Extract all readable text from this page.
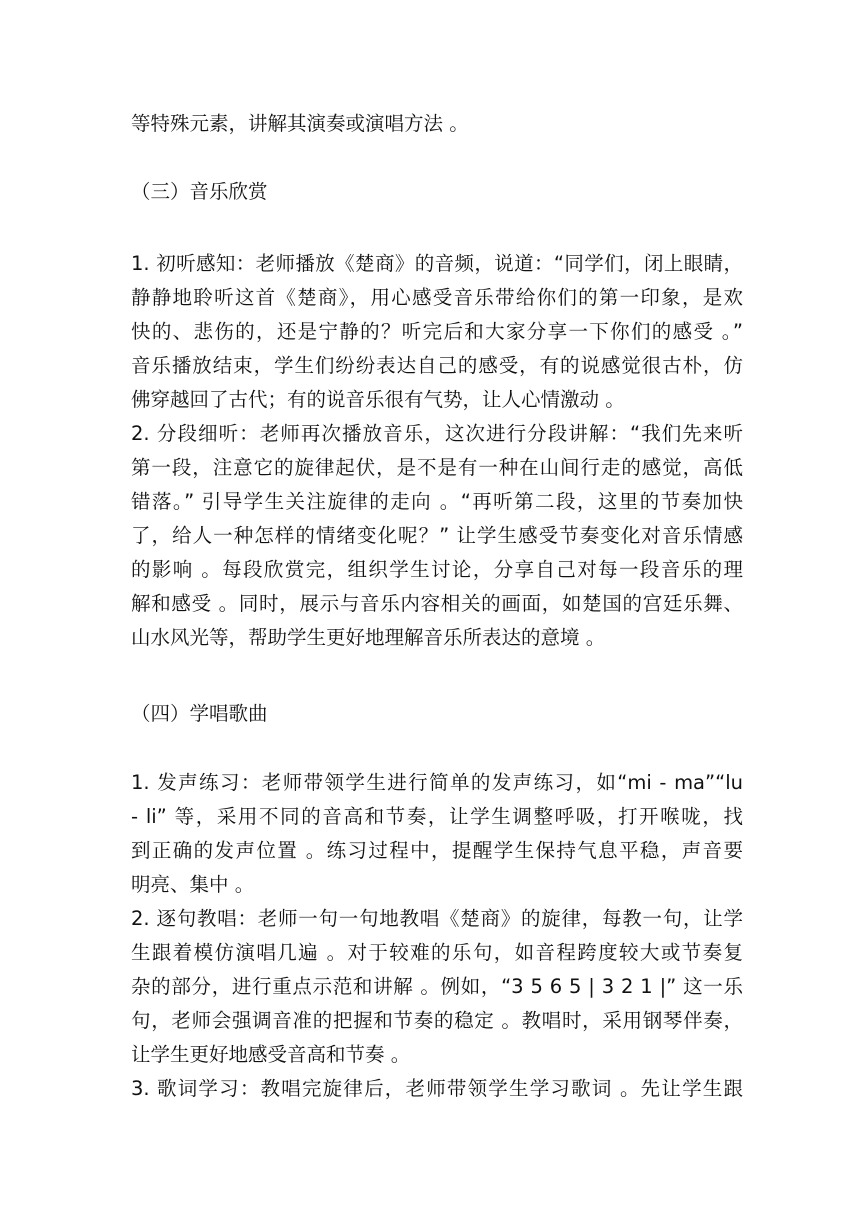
等特殊元素，讲解其演奏或演唱方法 。
（三）音乐欣赏
1. 初听感知：老师播放《楚商》的音频，说道：“同学们，闭上眼睛，
静静地聆听这首《楚商》，用心感受音乐带给你们的第一印象，是欢
快的、悲伤的，还是宁静的？听完后和大家分享一下你们的感受 。”
音乐播放结束，学生们纷纷表达自己的感受，有的说感觉很古朴，仿
佛穿越回了古代；有的说音乐很有气势，让人心情激动 。
2. 分段细听：老师再次播放音乐，这次进行分段讲解：“我们先来听
第一段，注意它的旋律起伏，是不是有一种在山间行走的感觉，高低
错落。” 引导学生关注旋律的走向 。“再听第二段，这里的节奏加快
了，给人一种怎样的情绪变化呢？” 让学生感受节奏变化对音乐情感
的影响 。每段欣赏完，组织学生讨论，分享自己对每一段音乐的理
解和感受 。同时，展示与音乐内容相关的画面，如楚国的宫廷乐舞、
山水风光等，帮助学生更好地理解音乐所表达的意境 。
（四）学唱歌曲
1. 发声练习：老师带领学生进行简单的发声练习，如“mi - ma”“lu
- li” 等，采用不同的音高和节奏，让学生调整呼吸，打开喉咙，找
到正确的发声位置 。练习过程中，提醒学生保持气息平稳，声音要
明亮、集中 。
2. 逐句教唱：老师一句一句地教唱《楚商》的旋律，每教一句，让学
生跟着模仿演唱几遍 。对于较难的乐句，如音程跨度较大或节奏复
杂的部分，进行重点示范和讲解 。例如，“3 5 6 5 | 3 2 1 |” 这一乐
句，老师会强调音准的把握和节奏的稳定 。教唱时，采用钢琴伴奏，
让学生更好地感受音高和节奏 。
3. 歌词学习：教唱完旋律后，老师带领学生学习歌词 。先让学生跟
